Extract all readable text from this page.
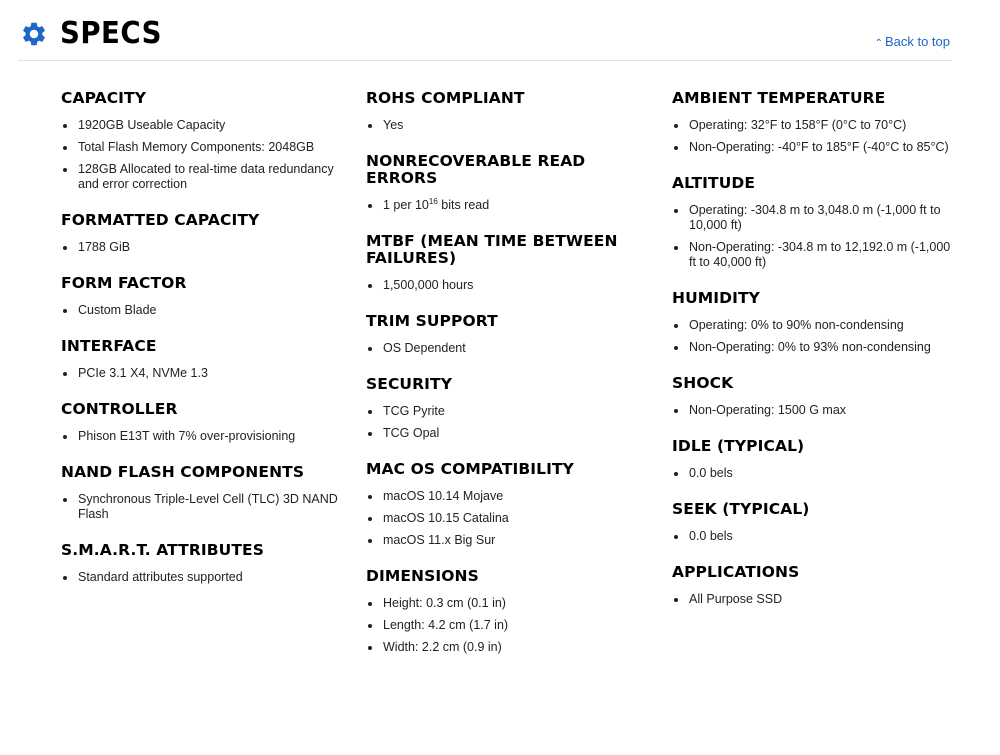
SPECS	⌃ Back to top
CAPACITY
1920GB Useable Capacity
Total Flash Memory Components: 2048GB
128GB Allocated to real-time data redundancy and error correction
FORMATTED CAPACITY
1788 GiB
FORM FACTOR
Custom Blade
INTERFACE
PCIe 3.1 X4, NVMe 1.3
CONTROLLER
Phison E13T with 7% over-provisioning
NAND FLASH COMPONENTS
Synchronous Triple-Level Cell (TLC) 3D NAND Flash
S.M.A.R.T. ATTRIBUTES
Standard attributes supported
ROHS COMPLIANT
Yes
NONRECOVERABLE READ ERRORS
1 per $10^{16}$ bits read
MTBF (MEAN TIME BETWEEN FAILURES)
1,500,000 hours
TRIM SUPPORT
OS Dependent
SECURITY
TCG Pyrite
TCG Opal
MAC OS COMPATIBILITY
macOS 10.14 Mojave
macOS 10.15 Catalina
macOS 11.x Big Sur
DIMENSIONS
Height: 0.3 cm (0.1 in)
Length: 4.2 cm (1.7 in)
Width: 2.2 cm (0.9 in)
AMBIENT TEMPERATURE
Operating: 32°F to 158°F (0°C to 70°C)
Non-Operating: -40°F to 185°F (-40°C to 85°C)
ALTITUDE
Operating: -304.8 m to 3,048.0 m (-1,000 ft to 10,000 ft)
Non-Operating: -304.8 m to 12,192.0 m (-1,000 ft to 40,000 ft)
HUMIDITY
Operating: 0% to 90% non-condensing
Non-Operating: 0% to 93% non-condensing
SHOCK
Non-Operating: 1500 G max
IDLE (TYPICAL)
0.0 bels
SEEK (TYPICAL)
0.0 bels
APPLICATIONS
All Purpose SSD
